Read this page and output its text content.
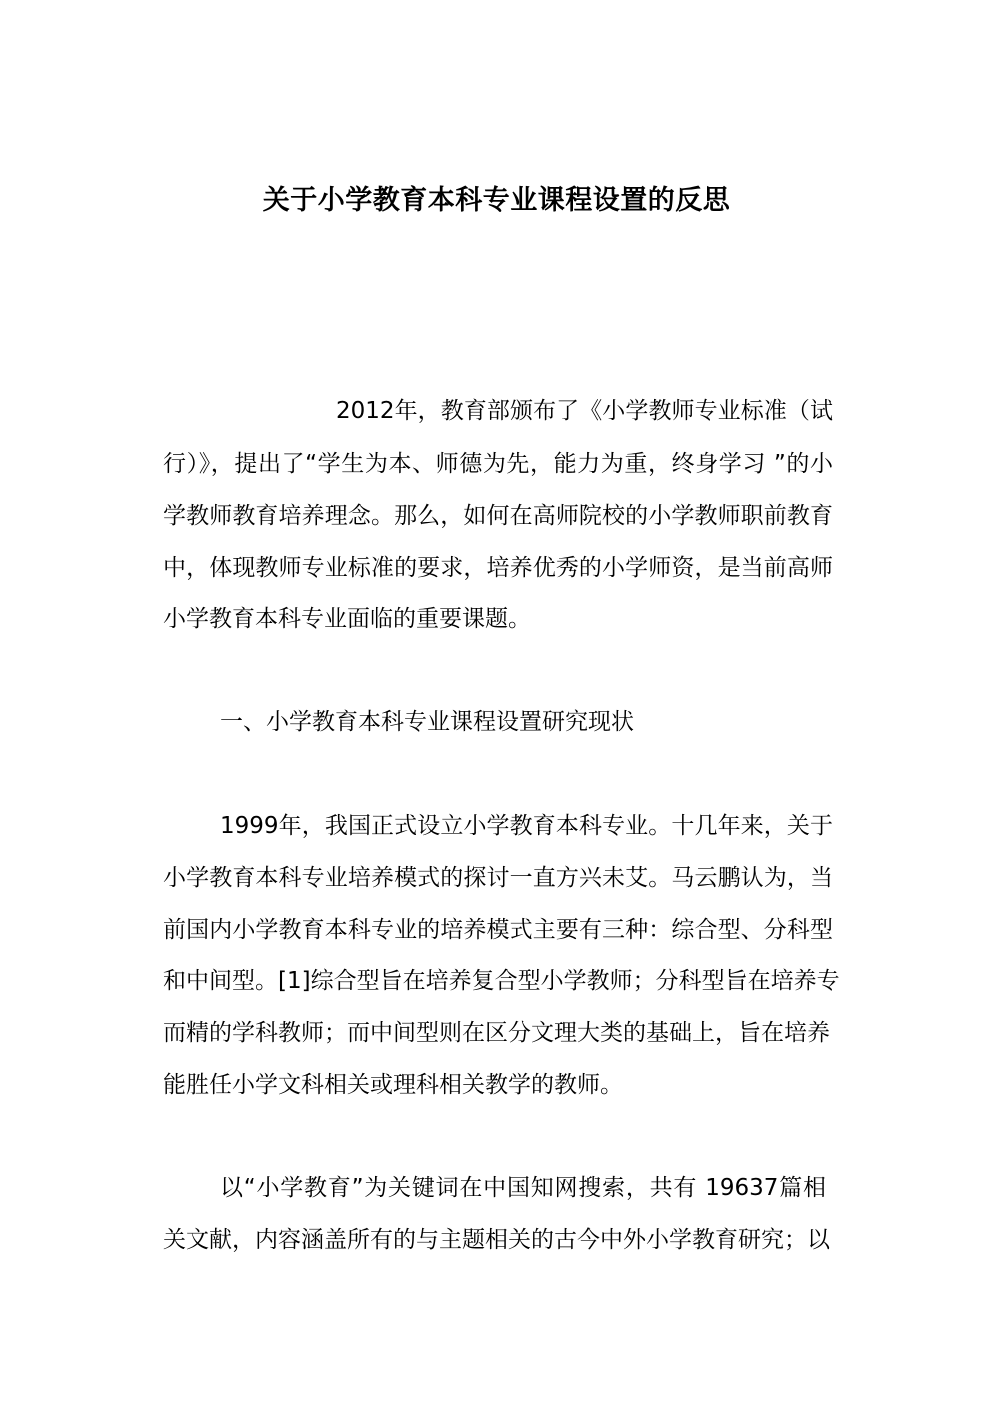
关于小学教育本科专业课程设置的反思
2012年，教育部颁布了《小学教师专业标准（试
行）》，提出了“学生为本、师德为先，能力为重，终身学习 ”的小
学教师教育培养理念。那么，如何在高师院校的小学教师职前教育
中，体现教师专业标准的要求，培养优秀的小学师资，是当前高师
小学教育本科专业面临的重要课题。
一、小学教育本科专业课程设置研究现状
1999年，我国正式设立小学教育本科专业。十几年来，关于
小学教育本科专业培养模式的探讨一直方兴未艾。马云鹏认为，当
前国内小学教育本科专业的培养模式主要有三种：综合型、分科型
和中间型。[1]综合型旨在培养复合型小学教师；分科型旨在培养专
而精的学科教师；而中间型则在区分文理大类的基础上，旨在培养
能胜任小学文科相关或理科相关教学的教师。
以“小学教育”为关键词在中国知网搜索，共有 19637篇相
关文献，内容涵盖所有的与主题相关的古今中外小学教育研究；以
